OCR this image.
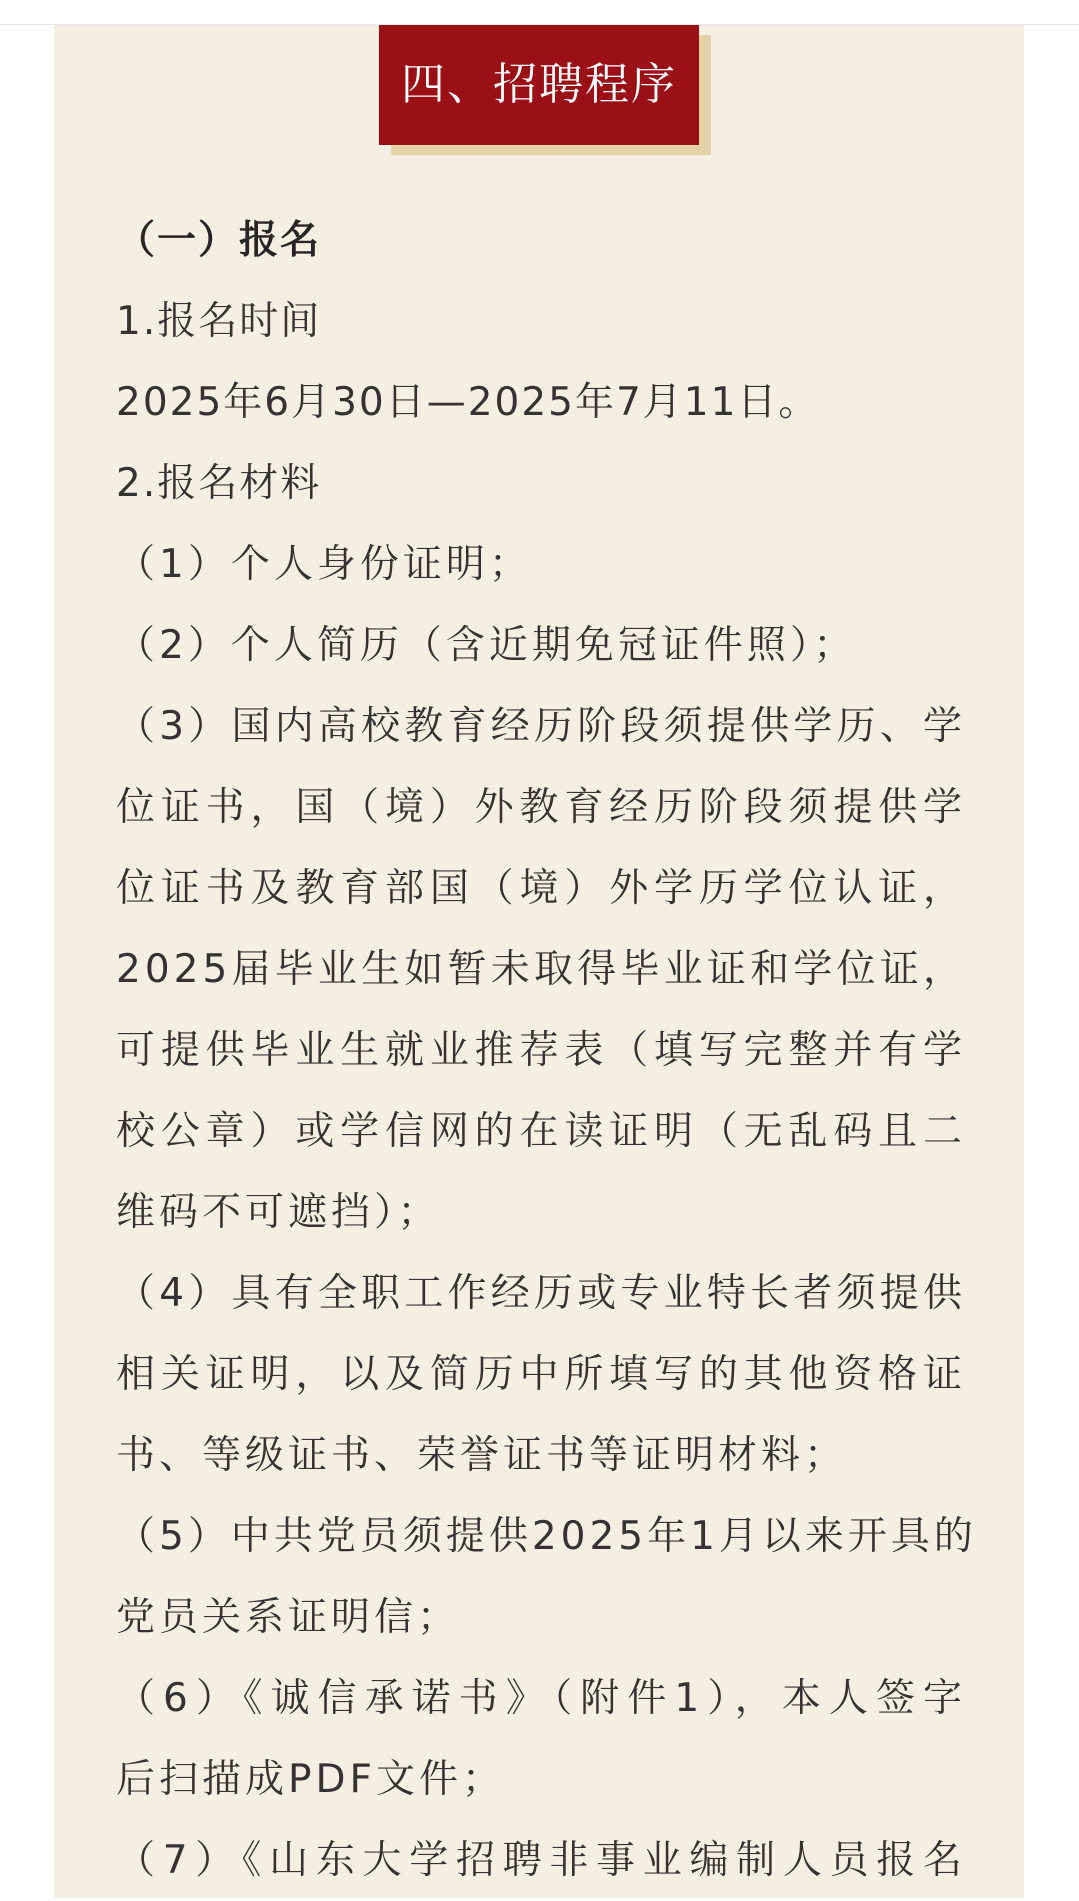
四、招聘程序
（一）报名
1.报名时间
2025年6月30日—2025年7月11日。
2.报名材料
（1）个人身份证明；
（2）个人简历（含近期免冠证件照）；
（3）国内高校教育经历阶段须提供学历、学
位证书，国（境）外教育经历阶段须提供学
位证书及教育部国（境）外学历学位认证，
2025届毕业生如暂未取得毕业证和学位证，
可提供毕业生就业推荐表（填写完整并有学
校公章）或学信网的在读证明（无乱码且二
维码不可遮挡）；
（4）具有全职工作经历或专业特长者须提供
相关证明，以及简历中所填写的其他资格证
书、等级证书、荣誉证书等证明材料；
（5）中共党员须提供2025年1月以来开具的
党员关系证明信；
（6）《诚信承诺书》（附件1），本人签字
后扫描成PDF文件；
（7）《山东大学招聘非事业编制人员报名
